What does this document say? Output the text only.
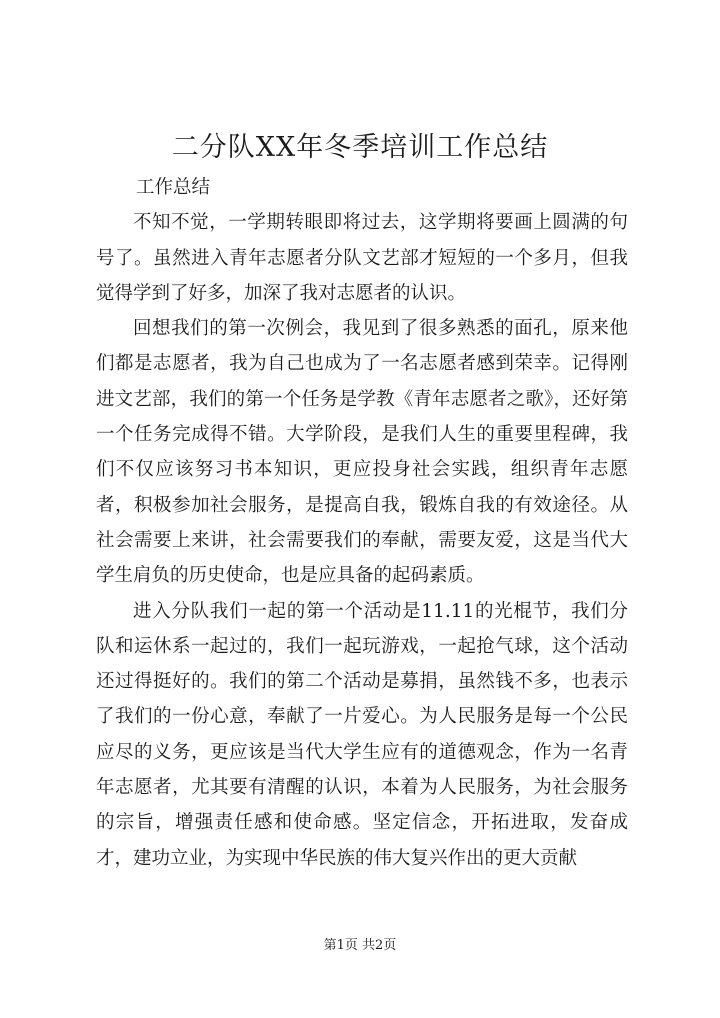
二分队XX年冬季培训工作总结

工作总结

不知不觉，一学期转眼即将过去，这学期将要画上圆满的句号了。虽然进入青年志愿者分队文艺部才短短的一个多月，但我觉得学到了好多，加深了我对志愿者的认识。

回想我们的第一次例会，我见到了很多熟悉的面孔，原来他们都是志愿者，我为自己也成为了一名志愿者感到荣幸。记得刚进文艺部，我们的第一个任务是学教《青年志愿者之歌》，还好第一个任务完成得不错。大学阶段，是我们人生的重要里程碑，我们不仅应该努习书本知识，更应投身社会实践，组织青年志愿者，积极参加社会服务，是提高自我，锻炼自我的有效途径。从社会需要上来讲，社会需要我们的奉献，需要友爱，这是当代大学生肩负的历史使命，也是应具备的起码素质。

进入分队我们一起的第一个活动是11.11的光棍节，我们分队和运休系一起过的，我们一起玩游戏，一起抢气球，这个活动还过得挺好的。我们的第二个活动是募捐，虽然钱不多，也表示了我们的一份心意，奉献了一片爱心。为人民服务是每一个公民应尽的义务，更应该是当代大学生应有的道德观念，作为一名青年志愿者，尤其要有清醒的认识，本着为人民服务，为社会服务的宗旨，增强责任感和使命感。坚定信念，开拓进取，发奋成才，建功立业，为实现中华民族的伟大复兴作出的更大贡献

第1页 共2页
